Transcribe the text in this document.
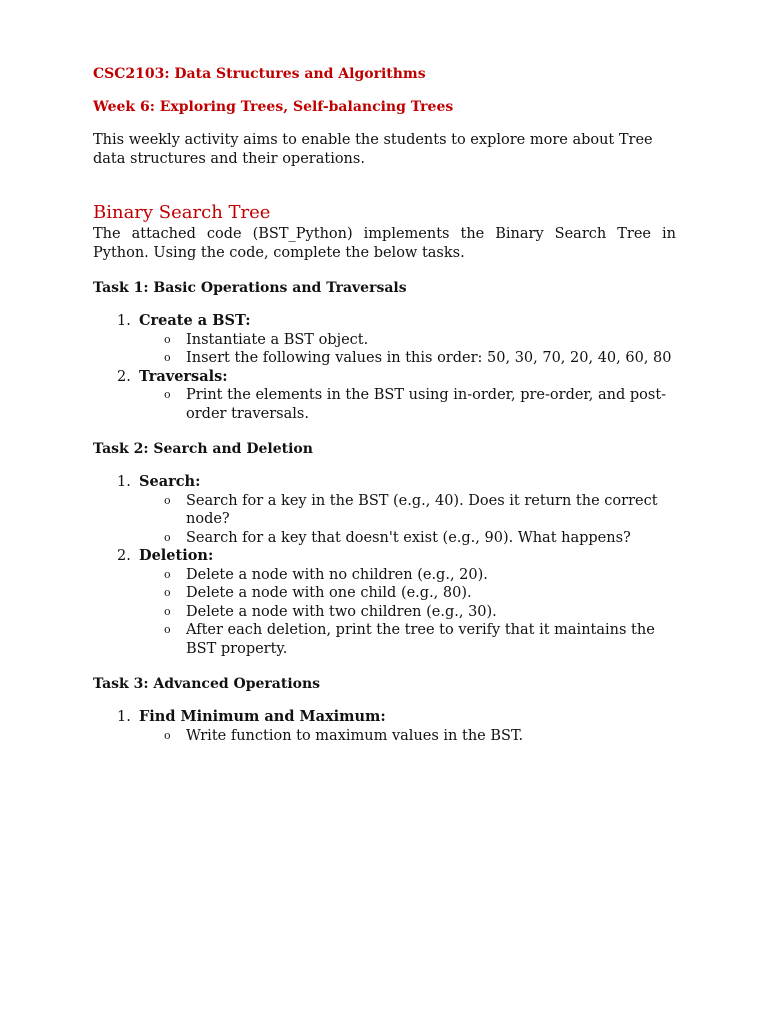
CSC2103: Data Structures and Algorithms

Week 6: Exploring Trees, Self-balancing Trees

This weekly activity aims to enable the students to explore more about Tree data structures and their operations.

Binary Search Tree

The attached code (BST_Python) implements the Binary Search Tree in Python. Using the code, complete the below tasks.

Task 1: Basic Operations and Traversals
1. Create a BST:
o Instantiate a BST object.
o Insert the following values in this order: 50, 30, 70, 20, 40, 60, 80
2. Traversals:
o Print the elements in the BST using in-order, pre-order, and post-order traversals.
Task 2: Search and Deletion
1. Search:
o Search for a key in the BST (e.g., 40). Does it return the correct node?
o Search for a key that doesn't exist (e.g., 90). What happens?
2. Deletion:
o Delete a node with no children (e.g., 20).
o Delete a node with one child (e.g., 80).
o Delete a node with two children (e.g., 30).
o After each deletion, print the tree to verify that it maintains the BST property.
Task 3: Advanced Operations
1. Find Minimum and Maximum:
o Write function to maximum values in the BST.
